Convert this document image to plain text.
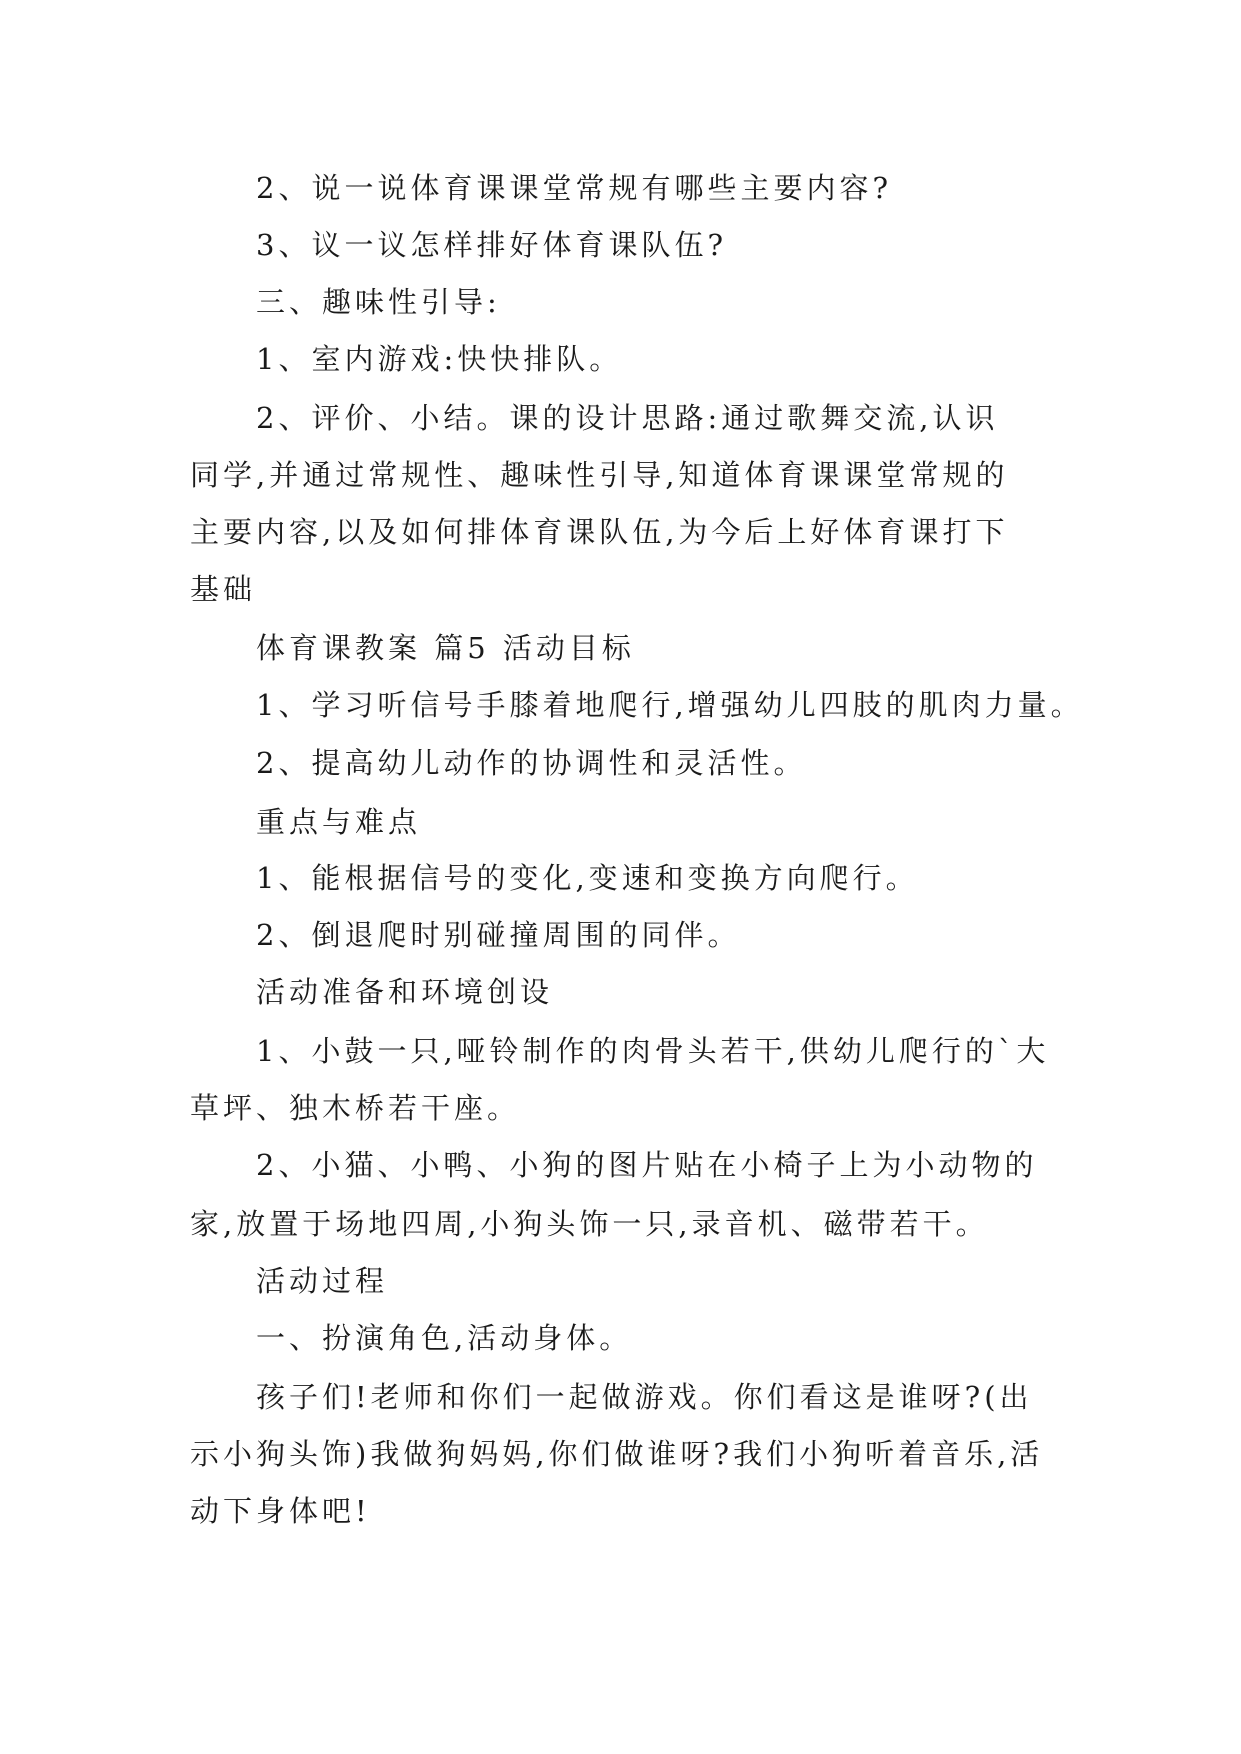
2、说一说体育课课堂常规有哪些主要内容?
3、议一议怎样排好体育课队伍?
三、趣味性引导:
1、室内游戏:快快排队。
2、评价、小结。课的设计思路:通过歌舞交流,认识
同学,并通过常规性、趣味性引导,知道体育课课堂常规的
主要内容,以及如何排体育课队伍,为今后上好体育课打下
基础
体育课教案 篇5 活动目标
1、学习听信号手膝着地爬行,增强幼儿四肢的肌肉力量。
2、提高幼儿动作的协调性和灵活性。
重点与难点
1、能根据信号的变化,变速和变换方向爬行。
2、倒退爬时别碰撞周围的同伴。
活动准备和环境创设
1、小鼓一只,哑铃制作的肉骨头若干,供幼儿爬行的`大
草坪、独木桥若干座。
2、小猫、小鸭、小狗的图片贴在小椅子上为小动物的
家,放置于场地四周,小狗头饰一只,录音机、磁带若干。
活动过程
一、扮演角色,活动身体。
孩子们!老师和你们一起做游戏。你们看这是谁呀?(出
示小狗头饰)我做狗妈妈,你们做谁呀?我们小狗听着音乐,活
动下身体吧!
